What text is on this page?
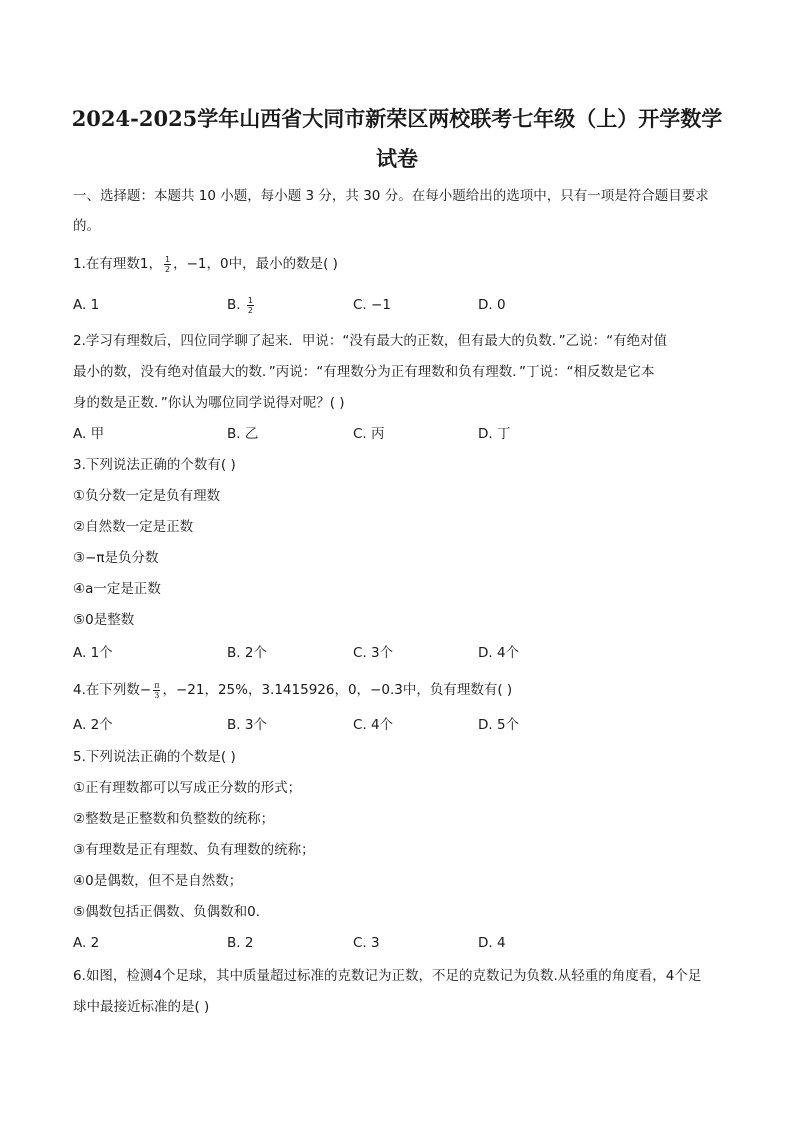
2024-2025学年山西省大同市新荣区两校联考七年级（上）开学数学
试卷
一、选择题：本题共 10 小题，每小题 3 分，共 30 分。在每小题给出的选项中，只有一项是符合题目要求
的。
1.在有理数1， $\frac{1}{2}$ ，−1，0中，最小的数是( )
A. 1	B. $\frac{1}{2}$	C. −1	D. 0
2.学习有理数后，四位同学聊了起来．甲说：“没有最大的正数，但有最大的负数．”乙说：“有绝对值
最小的数，没有绝对值最大的数．”丙说：“有理数分为正有理数和负有理数．”丁说：“相反数是它本
身的数是正数．”你认为哪位同学说得对呢？( )
A. 甲	B. 乙	C. 丙	D. 丁
3.下列说法正确的个数有( )
①负分数一定是负有理数
②自然数一定是正数
③−π是负分数
④a一定是正数
⑤0是整数
A. 1个	B. 2个	C. 3个	D. 4个
4.在下列数− $\frac{\pi}{3}$ ，−21，25%，3.1415926，0，−0.3̇中，负有理数有( )
A. 2个	B. 3个	C. 4个	D. 5个
5.下列说法正确的个数是( )
①正有理数都可以写成正分数的形式；
②整数是正整数和负整数的统称；
③有理数是正有理数、负有理数的统称；
④0是偶数，但不是自然数；
⑤偶数包括正偶数、负偶数和0.
A. 2	B. 2	C. 3	D. 4
6.如图，检测4个足球，其中质量超过标准的克数记为正数，不足的克数记为负数.从轻重的角度看，4个足
球中最接近标准的是( )
